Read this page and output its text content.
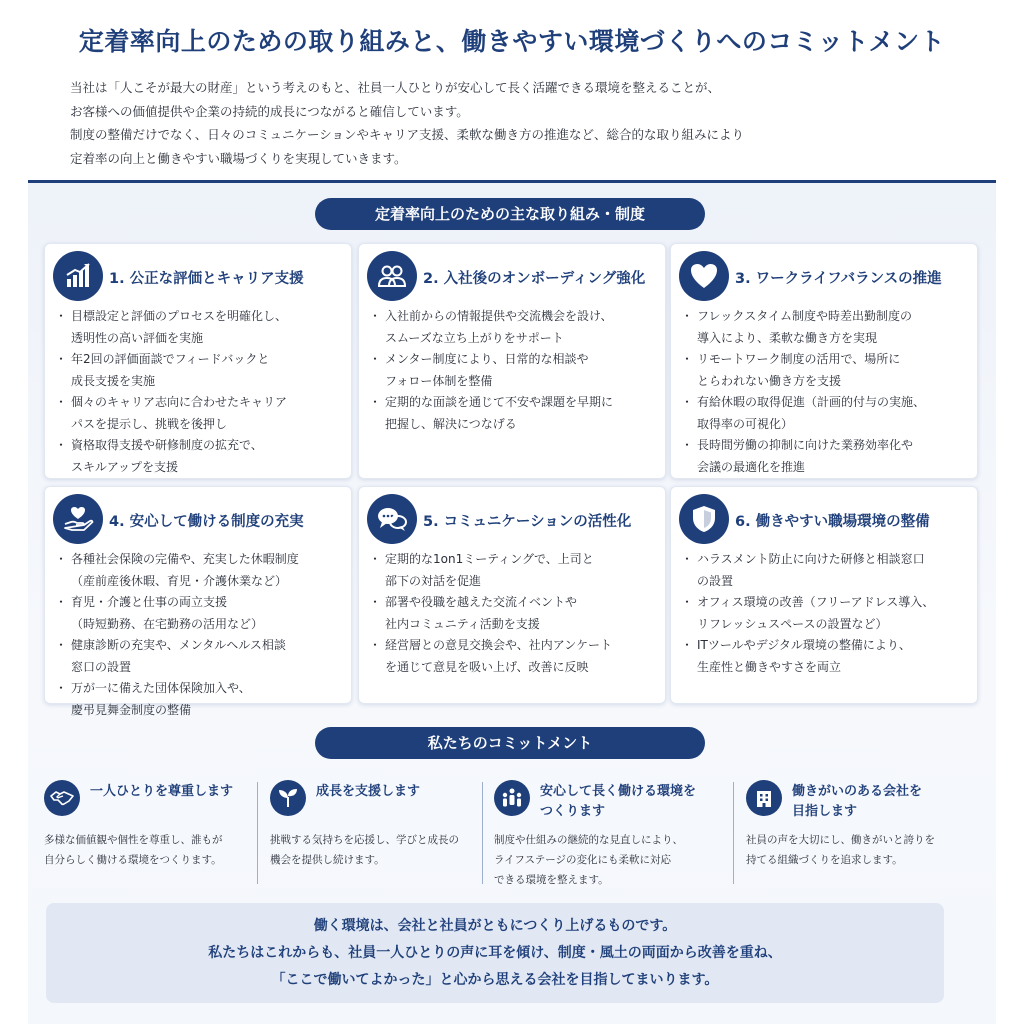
定着率向上のための取り組みと、働きやすい環境づくりへのコミットメント

当社は「人こそが最大の財産」という考えのもと、社員一人ひとりが安心して長く活躍できる環境を整えることが、

お客様への価値提供や企業の持続的成長につながると確信しています。

制度の整備だけでなく、日々のコミュニケーションやキャリア支援、柔軟な働き方の推進など、総合的な取り組みにより

定着率の向上と働きやすい職場づくりを実現していきます。

定着率向上のための主な取り組み・制度
1. 公正な評価とキャリア支援
・ 目標設定と評価のプロセスを明確化し、
透明性の高い評価を実施
・ 年2回の評価面談でフィードバックと
成長支援を実施
・ 個々のキャリア志向に合わせたキャリア
パスを提示し、挑戦を後押し
・ 資格取得支援や研修制度の拡充で、
スキルアップを支援
2. 入社後のオンボーディング強化
・ 入社前からの情報提供や交流機会を設け、
スムーズな立ち上がりをサポート
・ メンター制度により、日常的な相談や
フォロー体制を整備
・ 定期的な面談を通じて不安や課題を早期に
把握し、解決につなげる
3. ワークライフバランスの推進
・ フレックスタイム制度や時差出勤制度の
導入により、柔軟な働き方を実現
・ リモートワーク制度の活用で、場所に
とらわれない働き方を支援
・ 有給休暇の取得促進（計画的付与の実施、
取得率の可視化）
・ 長時間労働の抑制に向けた業務効率化や
会議の最適化を推進
4. 安心して働ける制度の充実
・ 各種社会保険の完備や、充実した休暇制度
（産前産後休暇、育児・介護休業など）
・ 育児・介護と仕事の両立支援
（時短勤務、在宅勤務の活用など）
・ 健康診断の充実や、メンタルヘルス相談
窓口の設置
・ 万が一に備えた団体保険加入や、
慶弔見舞金制度の整備
5. コミュニケーションの活性化
・ 定期的な1on1ミーティングで、上司と
部下の対話を促進
・ 部署や役職を越えた交流イベントや
社内コミュニティ活動を支援
・ 経営層との意見交換会や、社内アンケート
を通じて意見を吸い上げ、改善に反映
6. 働きやすい職場環境の整備
・ ハラスメント防止に向けた研修と相談窓口
の設置
・ オフィス環境の改善（フリーアドレス導入、
リフレッシュスペースの設置など）
・ ITツールやデジタル環境の整備により、
生産性と働きやすさを両立
私たちのコミットメント
一人ひとりを尊重します
多様な価値観や個性を尊重し、誰もが
自分らしく働ける環境をつくります。
成長を支援します
挑戦する気持ちを応援し、学びと成長の
機会を提供し続けます。
安心して長く働ける環境を
つくります
制度や仕組みの継続的な見直しにより、
ライフステージの変化にも柔軟に対応
できる環境を整えます。
働きがいのある会社を
目指します
社員の声を大切にし、働きがいと誇りを
持てる組織づくりを追求します。

働く環境は、会社と社員がともにつくり上げるものです。

私たちはこれからも、社員一人ひとりの声に耳を傾け、制度・風土の両面から改善を重ね、

「ここで働いてよかった」と心から思える会社を目指してまいります。
